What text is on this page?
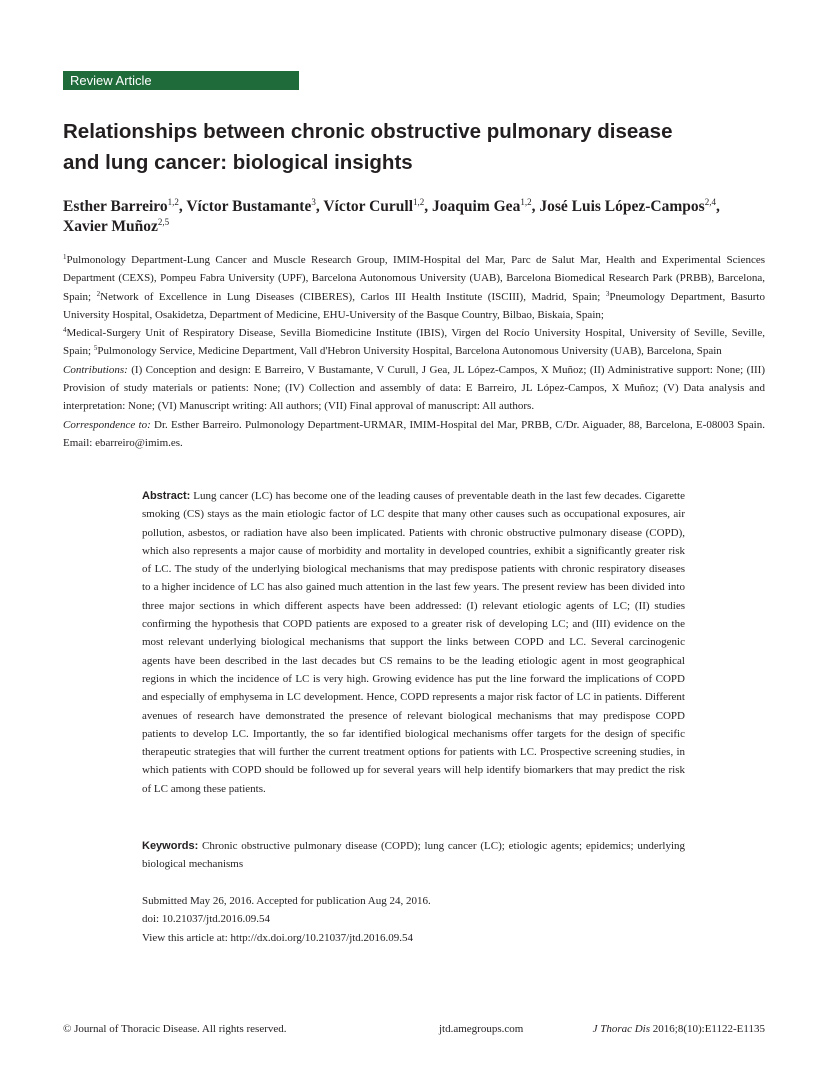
Review Article
Relationships between chronic obstructive pulmonary disease
and lung cancer: biological insights
Esther Barreiro$^{1,2}$, Víctor Bustamante$^3$, Víctor Curull$^{1,2}$, Joaquim Gea$^{1,2}$, José Luis López-Campos$^{2,4}$,
Xavier Muñoz$^{2,5}$
$^1$Pulmonology Department-Lung Cancer and Muscle Research Group, IMIM-Hospital del Mar, Parc de Salut Mar, Health and Experimental Sciences Department (CEXS), Pompeu Fabra University (UPF), Barcelona Autonomous University (UAB), Barcelona Biomedical Research Park (PRBB), Barcelona, Spain; $^2$Network of Excellence in Lung Diseases (CIBERES), Carlos III Health Institute (ISCIII), Madrid, Spain; $^3$Pneumology Department, Basurto University Hospital, Osakidetza, Department of Medicine, EHU-University of the Basque Country, Bilbao, Biskaia, Spain;
$^4$Medical-Surgery Unit of Respiratory Disease, Sevilla Biomedicine Institute (IBIS), Virgen del Rocío University Hospital, University of Seville, Seville, Spain; $^5$Pulmonology Service, Medicine Department, Vall d'Hebron University Hospital, Barcelona Autonomous University (UAB), Barcelona, Spain
Contributions: (I) Conception and design: E Barreiro, V Bustamante, V Curull, J Gea, JL López-Campos, X Muñoz; (II) Administrative support: None; (III) Provision of study materials or patients: None; (IV) Collection and assembly of data: E Barreiro, JL López-Campos, X Muñoz; (V) Data analysis and interpretation: None; (VI) Manuscript writing: All authors; (VII) Final approval of manuscript: All authors.
Correspondence to: Dr. Esther Barreiro. Pulmonology Department-URMAR, IMIM-Hospital del Mar, PRBB, C/Dr. Aiguader, 88, Barcelona, E-08003 Spain. Email: ebarreiro@imim.es.
Abstract: Lung cancer (LC) has become one of the leading causes of preventable death in the last few decades. Cigarette smoking (CS) stays as the main etiologic factor of LC despite that many other causes such as occupational exposures, air pollution, asbestos, or radiation have also been implicated. Patients with chronic obstructive pulmonary disease (COPD), which also represents a major cause of morbidity and mortality in developed countries, exhibit a significantly greater risk of LC. The study of the underlying biological mechanisms that may predispose patients with chronic respiratory diseases to a higher incidence of LC has also gained much attention in the last few years. The present review has been divided into three major sections in which different aspects have been addressed: (I) relevant etiologic agents of LC; (II) studies confirming the hypothesis that COPD patients are exposed to a greater risk of developing LC; and (III) evidence on the most relevant underlying biological mechanisms that support the links between COPD and LC. Several carcinogenic agents have been described in the last decades but CS remains to be the leading etiologic agent in most geographical regions in which the incidence of LC is very high. Growing evidence has put the line forward the implications of COPD and especially of emphysema in LC development. Hence, COPD represents a major risk factor of LC in patients. Different avenues of research have demonstrated the presence of relevant biological mechanisms that may predispose COPD patients to develop LC. Importantly, the so far identified biological mechanisms offer targets for the design of specific therapeutic strategies that will further the current treatment options for patients with LC. Prospective screening studies, in which patients with COPD should be followed up for several years will help identify biomarkers that may predict the risk of LC among these patients.
Keywords: Chronic obstructive pulmonary disease (COPD); lung cancer (LC); etiologic agents; epidemics; underlying biological mechanisms
Submitted May 26, 2016. Accepted for publication Aug 24, 2016.
doi: 10.21037/jtd.2016.09.54
View this article at: http://dx.doi.org/10.21037/jtd.2016.09.54
© Journal of Thoracic Disease. All rights reserved.	jtd.amegroups.com	J Thorac Dis 2016;8(10):E1122-E1135
